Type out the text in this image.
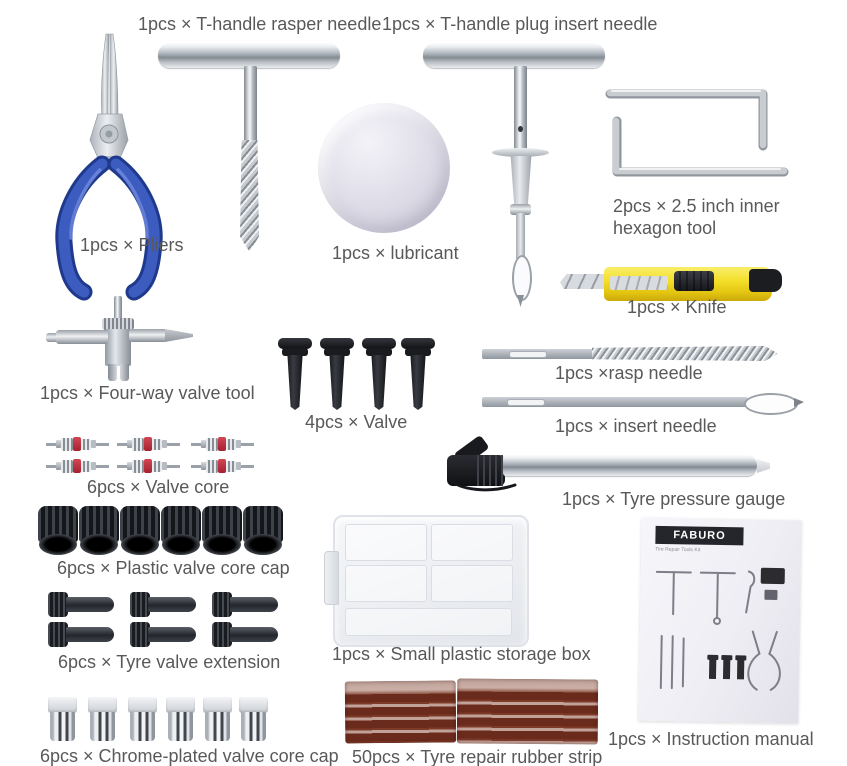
FABURO
Tire Repair Tools Kit
1pcs × T-handle rasper needle 1pcs × T-handle plug insert needle
1pcs × Pliers	1pcs × lubricant
2pcs × 2.5 inch inner hexagon tool
1pcs × Knife
1pcs × Four-way valve tool
4pcs × Valve
1pcs ×rasp needle
1pcs × insert needle
6pcs × Valve core
1pcs × Tyre pressure gauge
6pcs × Plastic valve core cap
1pcs × Small plastic storage box
6pcs × Tyre valve extension
6pcs × Chrome-plated valve core cap 50pcs × Tyre repair rubber strip
1pcs × Instruction manual
